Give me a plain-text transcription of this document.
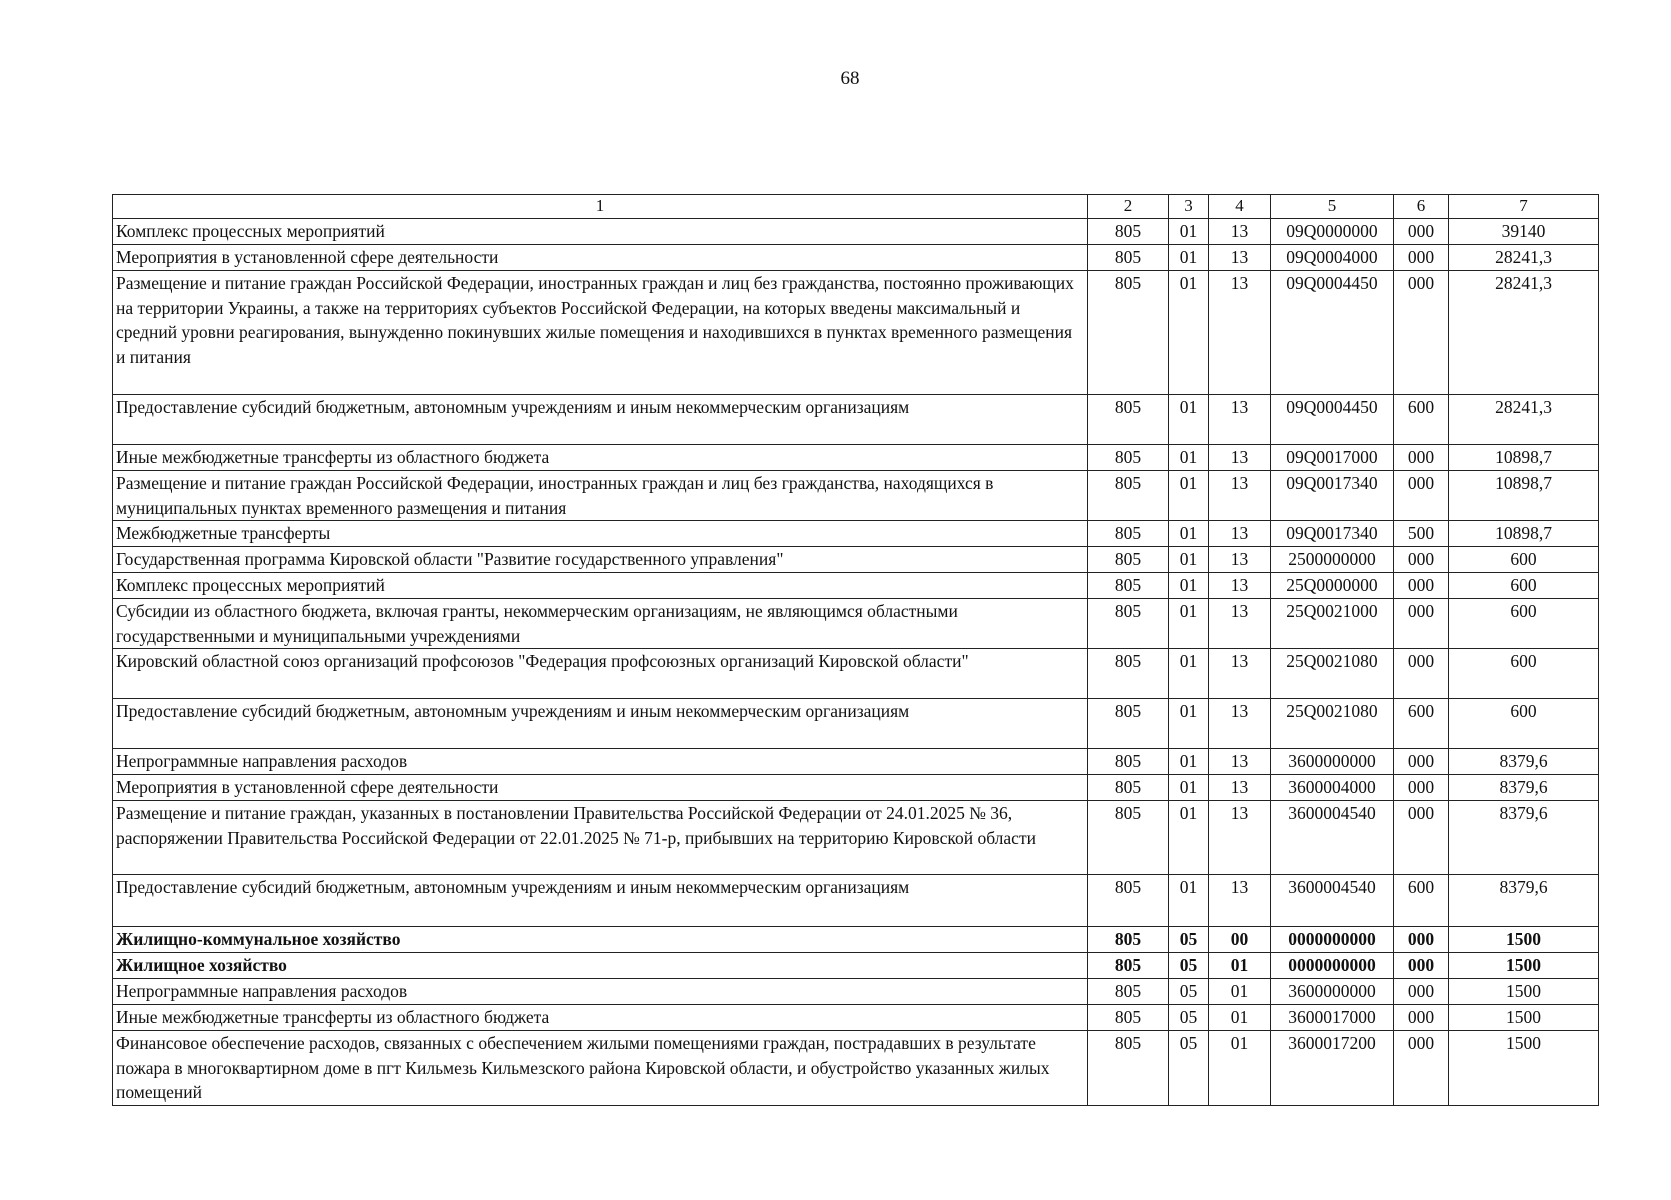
68
1	2	3	4	5	6	7
Комплекс процессных мероприятий	805	01	13	09Q0000000	000	39140
Мероприятия в установленной сфере деятельности	805	01	13	09Q0004000	000	28241,3
Размещение и питание граждан Российской Федерации, иностранных граждан и лиц без гражданства, постоянно проживающих на территории Украины, а также на территориях субъектов Российской Федерации, на которых введены максимальный и средний уровни реагирования, вынужденно покинувших жилые помещения и находившихся в пунктах временного размещения и питания	805	01	13	09Q0004450	000	28241,3
Предоставление субсидий бюджетным, автономным учреждениям и иным некоммерческим организациям	805	01	13	09Q0004450	600	28241,3
Иные межбюджетные трансферты из областного бюджета	805	01	13	09Q0017000	000	10898,7
Размещение и питание граждан Российской Федерации, иностранных граждан и лиц без гражданства, находящихся в муниципальных пунктах временного размещения и питания	805	01	13	09Q0017340	000	10898,7
Межбюджетные трансферты	805	01	13	09Q0017340	500	10898,7
Государственная программа Кировской области "Развитие государственного управления"	805	01	13	2500000000	000	600
Комплекс процессных мероприятий	805	01	13	25Q0000000	000	600
Субсидии из областного бюджета, включая гранты, некоммерческим организациям, не являющимся областными государственными и муниципальными учреждениями	805	01	13	25Q0021000	000	600
Кировский областной союз организаций профсоюзов "Федерация профсоюзных организаций Кировской области"	805	01	13	25Q0021080	000	600
Предоставление субсидий бюджетным, автономным учреждениям и иным некоммерческим организациям	805	01	13	25Q0021080	600	600
Непрограммные направления расходов	805	01	13	3600000000	000	8379,6
Мероприятия в установленной сфере деятельности	805	01	13	3600004000	000	8379,6
Размещение и питание граждан, указанных в постановлении Правительства Российской Федерации от 24.01.2025 № 36, распоряжении Правительства Российской Федерации от 22.01.2025 № 71-р, прибывших на территорию Кировской области	805	01	13	3600004540	000	8379,6
Предоставление субсидий бюджетным, автономным учреждениям и иным некоммерческим организациям	805	01	13	3600004540	600	8379,6
Жилищно-коммунальное хозяйство	805	05	00	0000000000	000	1500
Жилищное хозяйство	805	05	01	0000000000	000	1500
Непрограммные направления расходов	805	05	01	3600000000	000	1500
Иные межбюджетные трансферты из областного бюджета	805	05	01	3600017000	000	1500
Финансовое обеспечение расходов, связанных с обеспечением жилыми помещениями граждан, пострадавших в результате пожара в многоквартирном доме в пгт Кильмезь Кильмезского района Кировской области, и обустройство указанных жилых помещений	805	05	01	3600017200	000	1500
